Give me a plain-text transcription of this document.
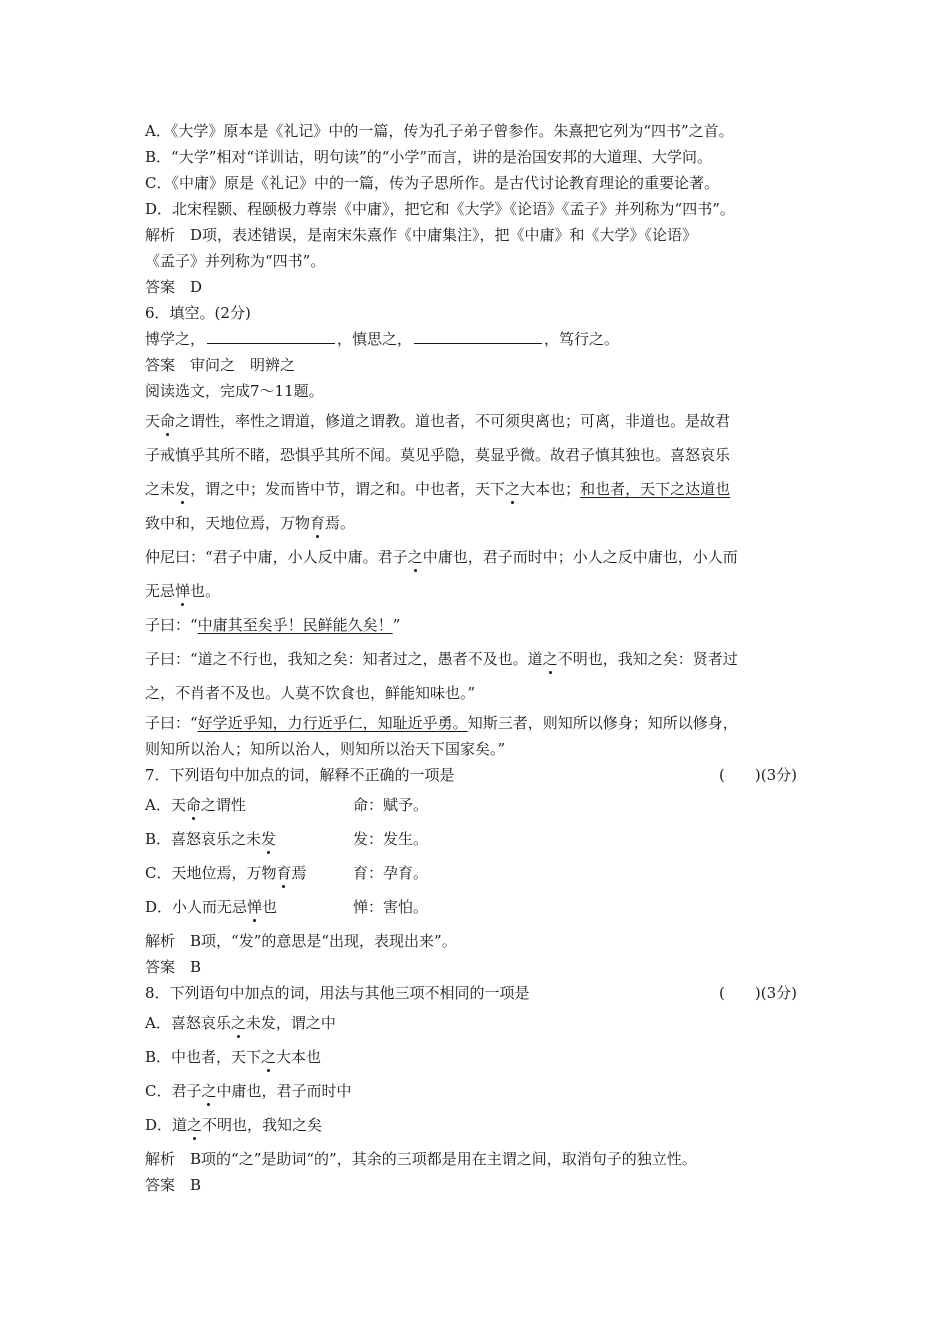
A．《大学》原本是《礼记》中的一篇，传为孔子弟子曾参作。朱熹把它列为“四书”之首。
B．“大学”相对“详训诂，明句读”的“小学”而言，讲的是治国安邦的大道理、大学问。
C．《中庸》原是《礼记》中的一篇，传为子思所作。是古代讨论教育理论的重要论著。
D．北宋程颢、程颐极力尊崇《中庸》，把它和《大学》《论语》《孟子》并列称为“四书”。
解析　D项，表述错误，是南宋朱熹作《中庸集注》，把《中庸》和《大学》《论语》
《孟子》并列称为“四书”。
答案　D
6．填空。(2分)
博学之，	，慎思之，	，笃行之。
答案　审问之　明辨之
阅读选文，完成7～11题。
天命之谓性，率性之谓道，修道之谓教。道也者，不可须臾离也；可离，非道也。是故君
子戒慎乎其所不睹，恐惧乎其所不闻。莫见乎隐，莫显乎微。故君子慎其独也。喜怒哀乐
之未发，谓之中；发而皆中节，谓之和。中也者，天下之大本也；和也者，天下之达道也
致中和，天地位焉，万物育焉。
仲尼曰：“君子中庸，小人反中庸。君子之中庸也，君子而时中；小人之反中庸也，小人而
无忌惮也。
子曰：“中庸其至矣乎！民鲜能久矣！”
子曰：“道之不行也，我知之矣：知者过之，愚者不及也。道之不明也，我知之矣：贤者过
之，不肖者不及也。人莫不饮食也，鲜能知味也。”
子曰：“好学近乎知，力行近乎仁，知耻近乎勇。知斯三者，则知所以修身；知所以修身，
则知所以治人；知所以治人，则知所以治天下国家矣。”
7．下列语句中加点的词，解释不正确的一项是	(　　)(3分)
A．天命之谓性	命：赋予。
B．喜怒哀乐之未发	发：发生。
C．天地位焉，万物育焉	育：孕育。
D．小人而无忌惮也	惮：害怕。
解析　B项，“发”的意思是“出现，表现出来”。
答案　B
8．下列语句中加点的词，用法与其他三项不相同的一项是	(　　)(3分)
A．喜怒哀乐之未发，谓之中
B．中也者，天下之大本也
C．君子之中庸也，君子而时中
D．道之不明也，我知之矣
解析　B项的“之”是助词“的”，其余的三项都是用在主谓之间，取消句子的独立性。
答案　B
